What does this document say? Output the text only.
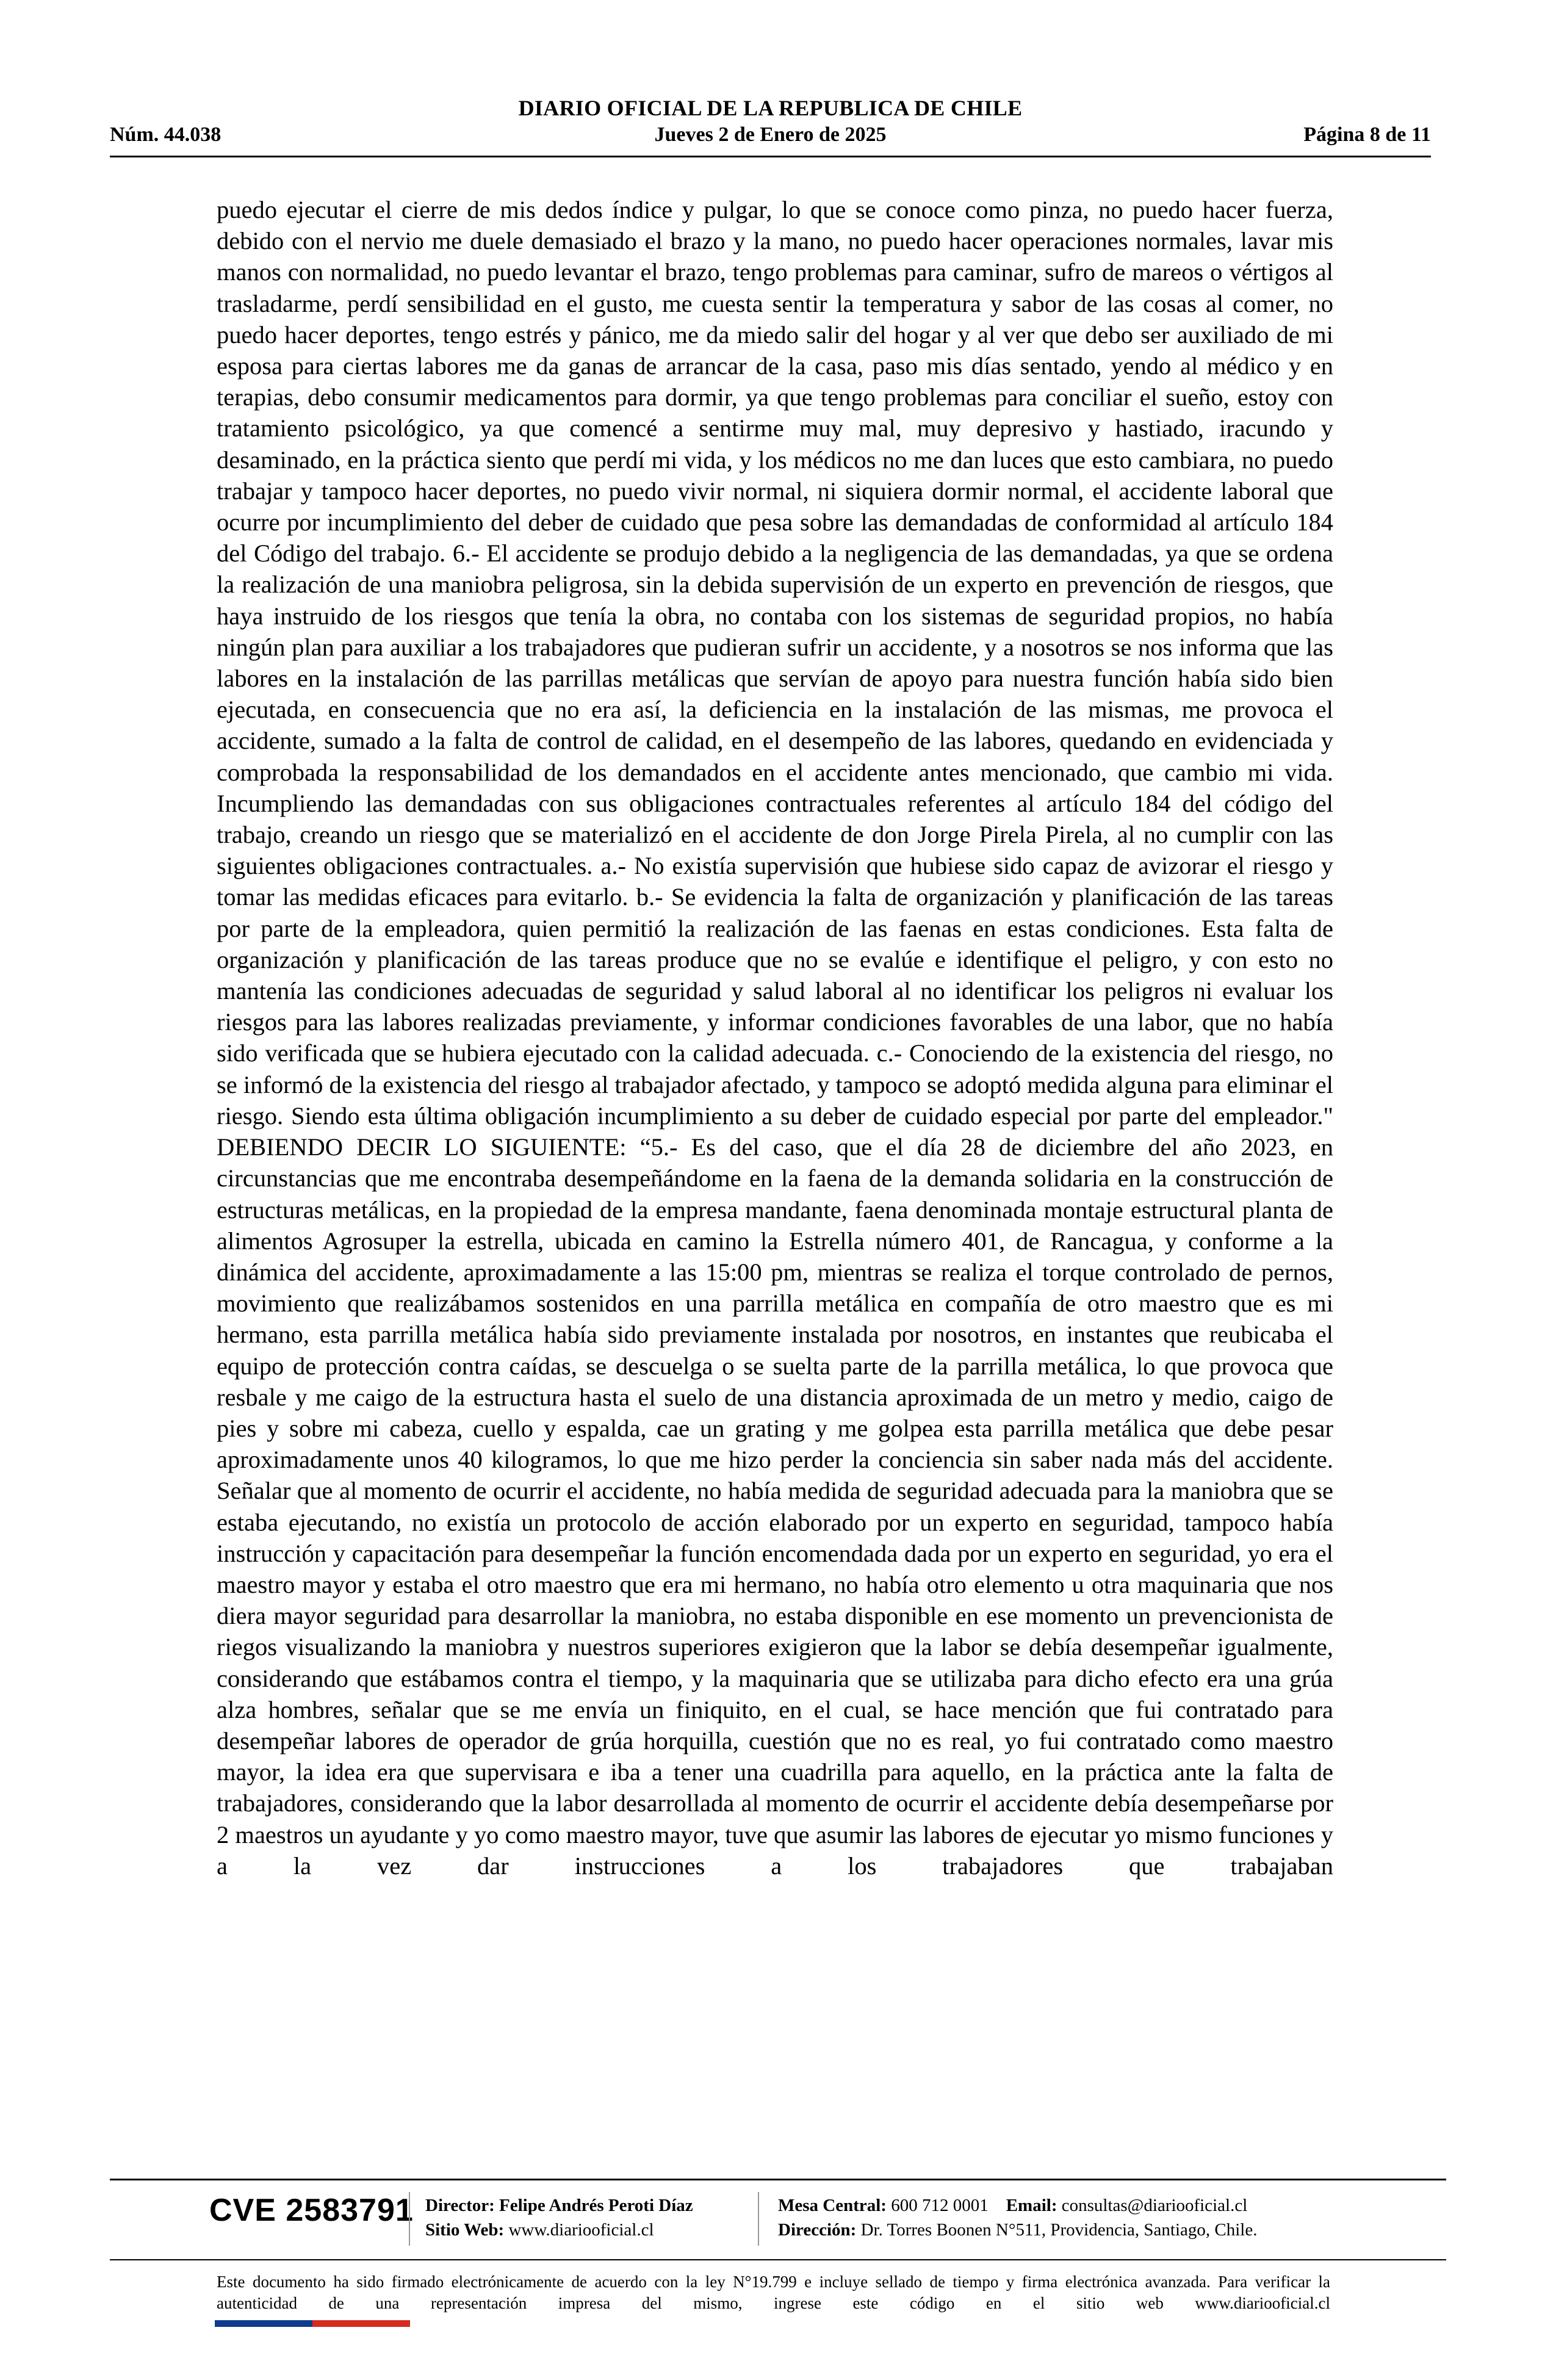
DIARIO OFICIAL DE LA REPUBLICA DE CHILE
Núm. 44.038	Jueves 2 de Enero de 2025	Página 8 de 11

puedo ejecutar el cierre de mis dedos índice y pulgar, lo que se conoce como pinza, no puedo hacer fuerza, debido con el nervio me duele demasiado el brazo y la mano, no puedo hacer operaciones normales, lavar mis manos con normalidad, no puedo levantar el brazo, tengo problemas para caminar, sufro de mareos o vértigos al trasladarme, perdí sensibilidad en el gusto, me cuesta sentir la temperatura y sabor de las cosas al comer, no puedo hacer deportes, tengo estrés y pánico, me da miedo salir del hogar y al ver que debo ser auxiliado de mi esposa para ciertas labores me da ganas de arrancar de la casa, paso mis días sentado, yendo al médico y en terapias, debo consumir medicamentos para dormir, ya que tengo problemas para conciliar el sueño, estoy con tratamiento psicológico, ya que comencé a sentirme muy mal, muy depresivo y hastiado, iracundo y desaminado, en la práctica siento que perdí mi vida, y los médicos no me dan luces que esto cambiara, no puedo trabajar y tampoco hacer deportes, no puedo vivir normal, ni siquiera dormir normal, el accidente laboral que ocurre por incumplimiento del deber de cuidado que pesa sobre las demandadas de conformidad al artículo 184 del Código del trabajo. 6.- El accidente se produjo debido a la negligencia de las demandadas, ya que se ordena la realización de una maniobra peligrosa, sin la debida supervisión de un experto en prevención de riesgos, que haya instruido de los riesgos que tenía la obra, no contaba con los sistemas de seguridad propios, no había ningún plan para auxiliar a los trabajadores que pudieran sufrir un accidente, y a nosotros se nos informa que las labores en la instalación de las parrillas metálicas que servían de apoyo para nuestra función había sido bien ejecutada, en consecuencia que no era así, la deficiencia en la instalación de las mismas, me provoca el accidente, sumado a la falta de control de calidad, en el desempeño de las labores, quedando en evidenciada y comprobada la responsabilidad de los demandados en el accidente antes mencionado, que cambio mi vida. Incumpliendo las demandadas con sus obligaciones contractuales referentes al artículo 184 del código del trabajo, creando un riesgo que se materializó en el accidente de don Jorge Pirela Pirela, al no cumplir con las siguientes obligaciones contractuales. a.- No existía supervisión que hubiese sido capaz de avizorar el riesgo y tomar las medidas eficaces para evitarlo. b.- Se evidencia la falta de organización y planificación de las tareas por parte de la empleadora, quien permitió la realización de las faenas en estas condiciones. Esta falta de organización y planificación de las tareas produce que no se evalúe e identifique el peligro, y con esto no mantenía las condiciones adecuadas de seguridad y salud laboral al no identificar los peligros ni evaluar los riesgos para las labores realizadas previamente, y informar condiciones favorables de una labor, que no había sido verificada que se hubiera ejecutado con la calidad adecuada. c.- Conociendo de la existencia del riesgo, no se informó de la existencia del riesgo al trabajador afectado, y tampoco se adoptó medida alguna para eliminar el riesgo. Siendo esta última obligación incumplimiento a su deber de cuidado especial por parte del empleador." DEBIENDO DECIR LO SIGUIENTE: “5.- Es del caso, que el día 28 de diciembre del año 2023, en circunstancias que me encontraba desempeñándome en la faena de la demanda solidaria en la construcción de estructuras metálicas, en la propiedad de la empresa mandante, faena denominada montaje estructural planta de alimentos Agrosuper la estrella, ubicada en camino la Estrella número 401, de Rancagua, y conforme a la dinámica del accidente, aproximadamente a las 15:00 pm, mientras se realiza el torque controlado de pernos, movimiento que realizábamos sostenidos en una parrilla metálica en compañía de otro maestro que es mi hermano, esta parrilla metálica había sido previamente instalada por nosotros, en instantes que reubicaba el equipo de protección contra caídas, se descuelga o se suelta parte de la parrilla metálica, lo que provoca que resbale y me caigo de la estructura hasta el suelo de una distancia aproximada de un metro y medio, caigo de pies y sobre mi cabeza, cuello y espalda, cae un grating y me golpea esta parrilla metálica que debe pesar aproximadamente unos 40 kilogramos, lo que me hizo perder la conciencia sin saber nada más del accidente. Señalar que al momento de ocurrir el accidente, no había medida de seguridad adecuada para la maniobra que se estaba ejecutando, no existía un protocolo de acción elaborado por un experto en seguridad, tampoco había instrucción y capacitación para desempeñar la función encomendada dada por un experto en seguridad, yo era el maestro mayor y estaba el otro maestro que era mi hermano, no había otro elemento u otra maquinaria que nos diera mayor seguridad para desarrollar la maniobra, no estaba disponible en ese momento un prevencionista de riegos visualizando la maniobra y nuestros superiores exigieron que la labor se debía desempeñar igualmente, considerando que estábamos contra el tiempo, y la maquinaria que se utilizaba para dicho efecto era una grúa alza hombres, señalar que se me envía un finiquito, en el cual, se hace mención que fui contratado para desempeñar labores de operador de grúa horquilla, cuestión que no es real, yo fui contratado como maestro mayor, la idea era que supervisara e iba a tener una cuadrilla para aquello, en la práctica ante la falta de trabajadores, considerando que la labor desarrollada al momento de ocurrir el accidente debía desempeñarse por 2 maestros un ayudante y yo como maestro mayor, tuve que asumir las labores de ejecutar yo mismo funciones y a la vez dar instrucciones a los trabajadores que trabajaban

CVE 2583791 Director: Felipe Andrés Peroti Díaz
Sitio Web: www.diariooficial.cl
Mesa Central: 600 712 0001 Email: consultas@diariooficial.cl
Dirección: Dr. Torres Boonen N°511, Providencia, Santiago, Chile.
Este documento ha sido firmado electrónicamente de acuerdo con la ley N°19.799 e incluye sellado de tiempo y firma electrónica avanzada. Para verificar la autenticidad de una representación impresa del mismo, ingrese este código en el sitio web www.diariooficial.cl
